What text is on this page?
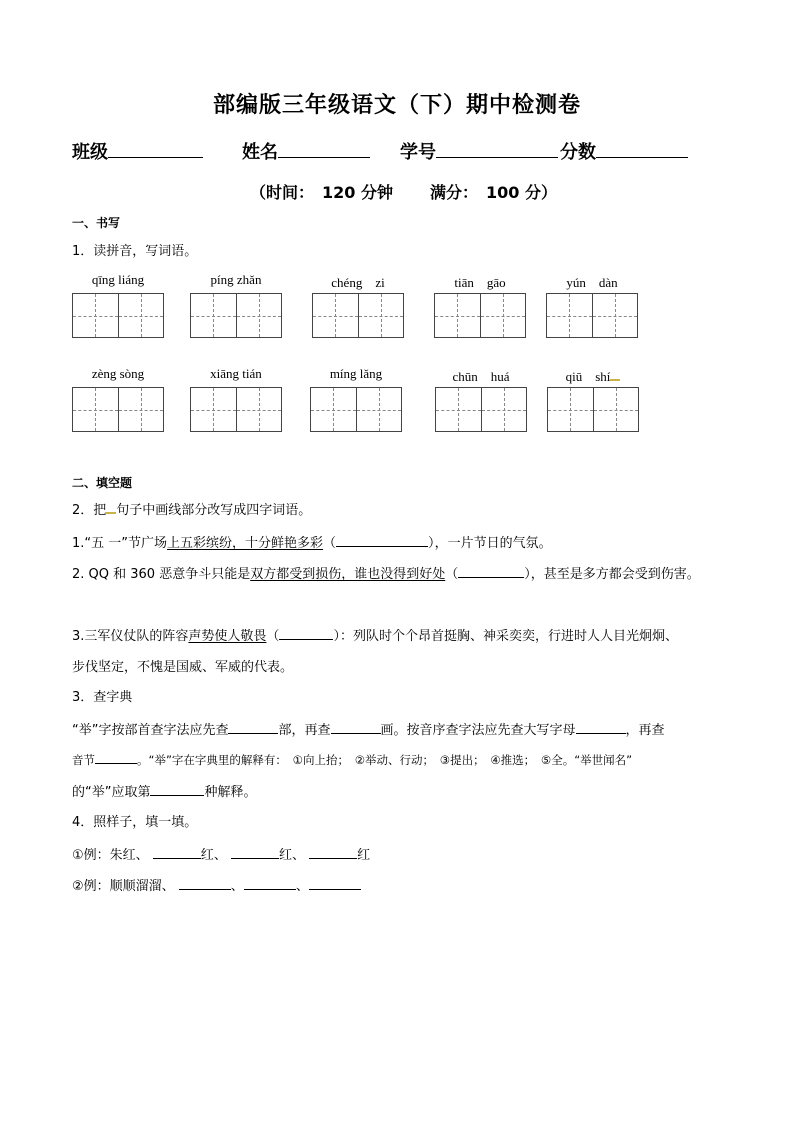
部编版三年级语文（下）期中检测卷
班级	姓名	学号	分数
（时间：　120 分钟 满分：　100 分）
一、书写
1．读拼音，写词语。
qīng liáng	píng zhǎn	chéng　zi	tiān　gāo	yún　dàn
zèng sòng	xiāng tián	míng lǎng	chūn　huá	qiū　shí
二、填空题
2．把 句子中画线部分改写成四字词语。
1.“五 一”节广场上五彩缤纷，十分鲜艳多彩（	），一片节日的气氛。
2. QQ 和 360 恶意争斗只能是双方都受到损伤，谁也没得到好处（	），甚至是多方都会受到伤害。
3.三军仪仗队的阵容声势使人敬畏（	）：列队时个个昂首挺胸、神采奕奕，行进时人人目光炯炯、
步伐坚定，不愧是国威、军威的代表。
3．查字典
“举”字按部首查字法应先查	部，再查	画。按音序查字法应先查大写字母	，再查
音节	。“举”字在字典里的解释有：　①向上抬；　②举动、行动；　③提出；　④推选；　⑤全。“举世闻名”
的“举”应取第	种解释。
4．照样子，填一填。
①例：朱红、	红、	红、	红
②例：顺顺溜溜、	、	、
